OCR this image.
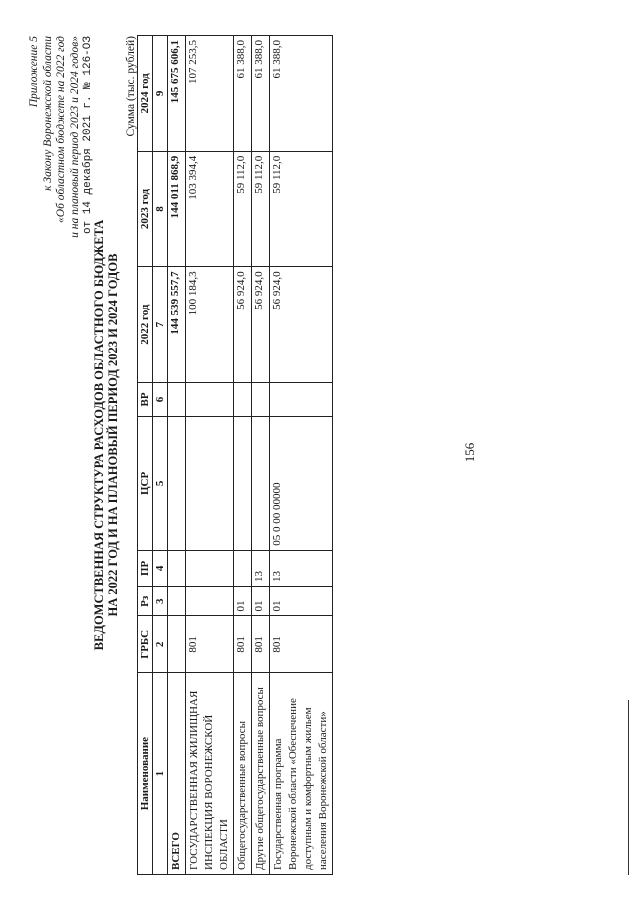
Приложение 5 к Закону Воронежской области «Об областном бюджете на 2022 год и на плановый период 2023 и 2024 годов» от 14 декабря 2021 г. № 126-ОЗ
ВЕДОМСТВЕННАЯ СТРУКТУРА РАСХОДОВ ОБЛАСТНОГО БЮДЖЕТА НА 2022 ГОД И НА ПЛАНОВЫЙ ПЕРИОД 2023 И 2024 ГОДОВ
Сумма (тыс. рублей)
Наименование	ГРБС	Рз	ПР	ЦСР	ВР	2022 год	2023 год	2024 год
1	2	3	4	5	6	7	8	9
ВСЕГО						144 539 557,7	144 011 868,9	145 675 606,1
ГОСУДАРСТВЕННАЯ ЖИЛИЩНАЯ ИНСПЕКЦИЯ ВОРОНЕЖСКОЙ ОБЛАСТИ	801					100 184,3	103 394,4	107 253,5
Общегосударственные вопросы	801	01				56 924,0	59 112,0	61 388,0
Другие общегосударственные вопросы	801	01	13			56 924,0	59 112,0	61 388,0
Государственная программа Воронежской области «Обеспечение доступным и комфортным жильем населения Воронежской области»	801	01	13	05 0 00 00000		56 924,0	59 112,0	61 388,0
156
